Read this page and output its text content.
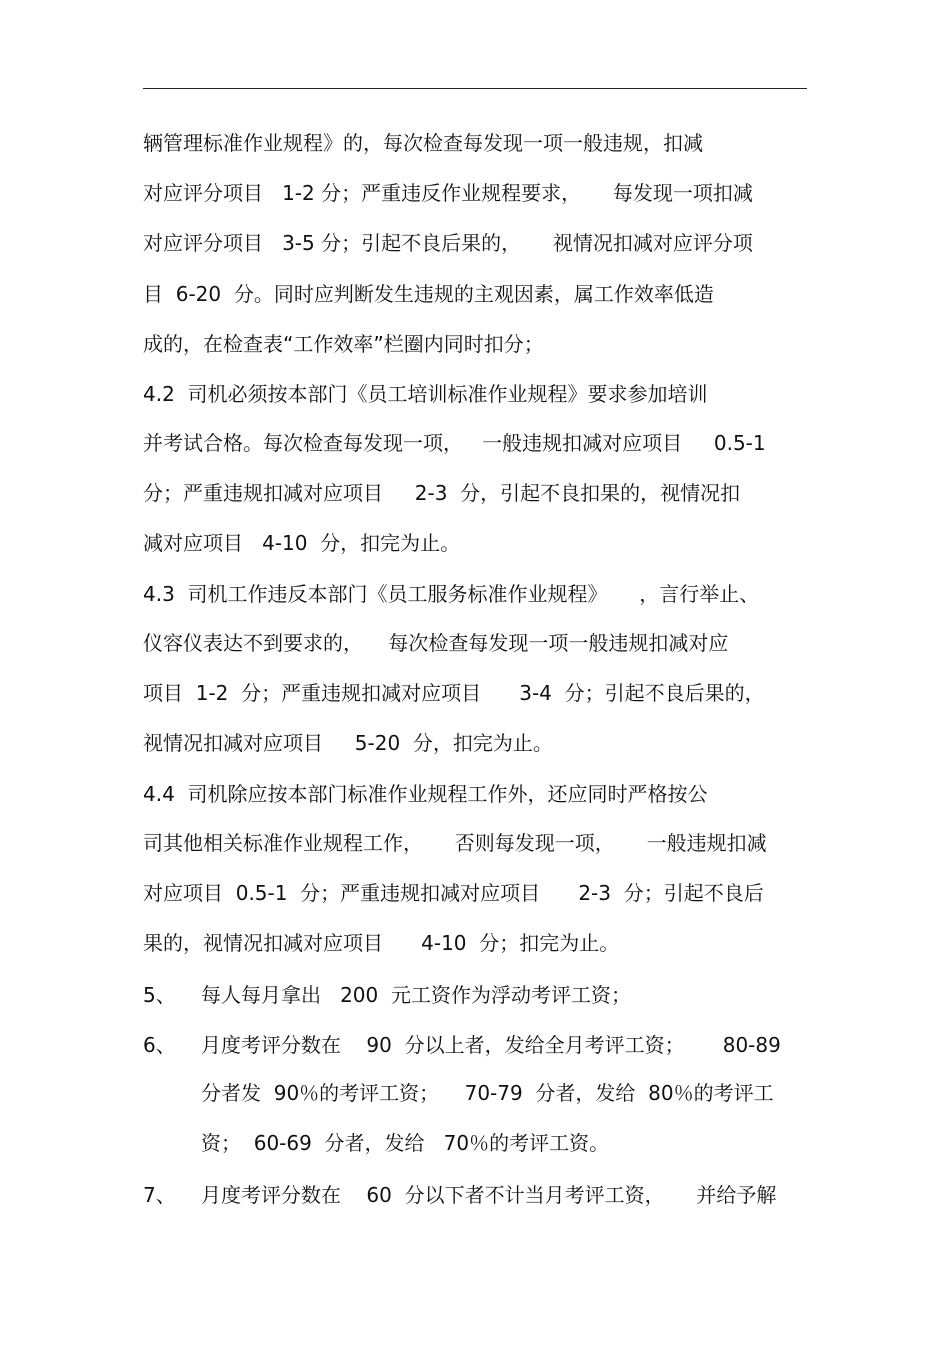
辆管理标准作业规程》的，每次检查每发现一项一般违规，扣减
对应评分项目   1-2 分；严重违反作业规程要求，     每发现一项扣减
对应评分项目   3-5 分；引起不良后果的，     视情况扣减对应评分项
目  6-20  分。同时应判断发生违规的主观因素，属工作效率低造
成的，在检查表“工作效率”栏圈内同时扣分；
4.2  司机必须按本部门《员工培训标准作业规程》要求参加培训
并考试合格。每次检查每发现一项，   一般违规扣减对应项目     0.5-1
分；严重违规扣减对应项目     2-3  分，引起不良扣果的，视情况扣
减对应项目   4-10  分，扣完为止。
4.3  司机工作违反本部门《员工服务标准作业规程》     ，言行举止、
仪容仪表达不到要求的，    每次检查每发现一项一般违规扣减对应
项目  1-2  分；严重违规扣减对应项目      3-4  分；引起不良后果的，
视情况扣减对应项目     5-20  分，扣完为止。
4.4  司机除应按本部门标准作业规程工作外，还应同时严格按公
司其他相关标准作业规程工作，     否则每发现一项，     一般违规扣减
对应项目  0.5-1  分；严重违规扣减对应项目      2-3  分；引起不良后
果的，视情况扣减对应项目      4-10  分；扣完为止。
5、 每人每月拿出   200  元工资作为浮动考评工资；
6、 月度考评分数在    90  分以上者，发给全月考评工资；      80-89
分者发  90％的考评工资；    70-79  分者，发给  80％的考评工
资；  60-69  分者，发给   70％的考评工资。
7、 月度考评分数在    60  分以下者不计当月考评工资，     并给予解
